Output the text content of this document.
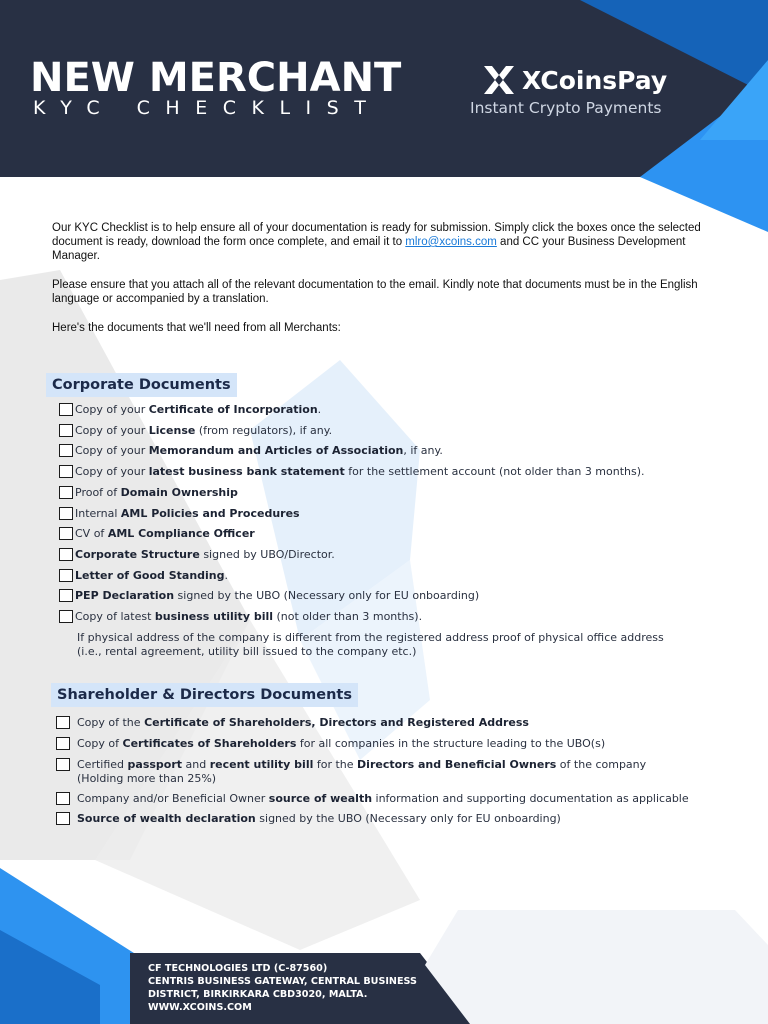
NEW MERCHANT
KYC CHECKLIST
XCoinsPay
Instant Crypto Payments

Our KYC Checklist is to help ensure all of your documentation is ready for submission. Simply click the boxes once the selected document is ready, download the form once complete, and email it to mlro@xcoins.com and CC your Business Development Manager.

Please ensure that you attach all of the relevant documentation to the email. Kindly note that documents must be in the English language or accompanied by a translation.

Here's the documents that we'll need from all Merchants:

Corporate Documents
Copy of your Certificate of Incorporation.
Copy of your License (from regulators), if any.
Copy of your Memorandum and Articles of Association, if any.
Copy of your latest business bank statement for the settlement account (not older than 3 months).
Proof of Domain Ownership
Internal AML Policies and Procedures
CV of AML Compliance Officer
Corporate Structure signed by UBO/Director.
Letter of Good Standing.
PEP Declaration signed by the UBO (Necessary only for EU onboarding)
Copy of latest business utility bill (not older than 3 months).
If physical address of the company is different from the registered address proof of physical office address
(i.e., rental agreement, utility bill issued to the company etc.)
Shareholder & Directors Documents
Copy of the Certificate of Shareholders, Directors and Registered Address
Copy of Certificates of Shareholders for all companies in the structure leading to the UBO(s)
Certified passport and recent utility bill for the Directors and Beneficial Owners of the company
(Holding more than 25%)
Company and/or Beneficial Owner source of wealth information and supporting documentation as applicable
Source of wealth declaration signed by the UBO (Necessary only for EU onboarding)
CF TECHNOLOGIES LTD (C-87560)
CENTRIS BUSINESS GATEWAY, CENTRAL BUSINESS
DISTRICT, BIRKIRKARA CBD3020, MALTA.
WWW.XCOINS.COM
